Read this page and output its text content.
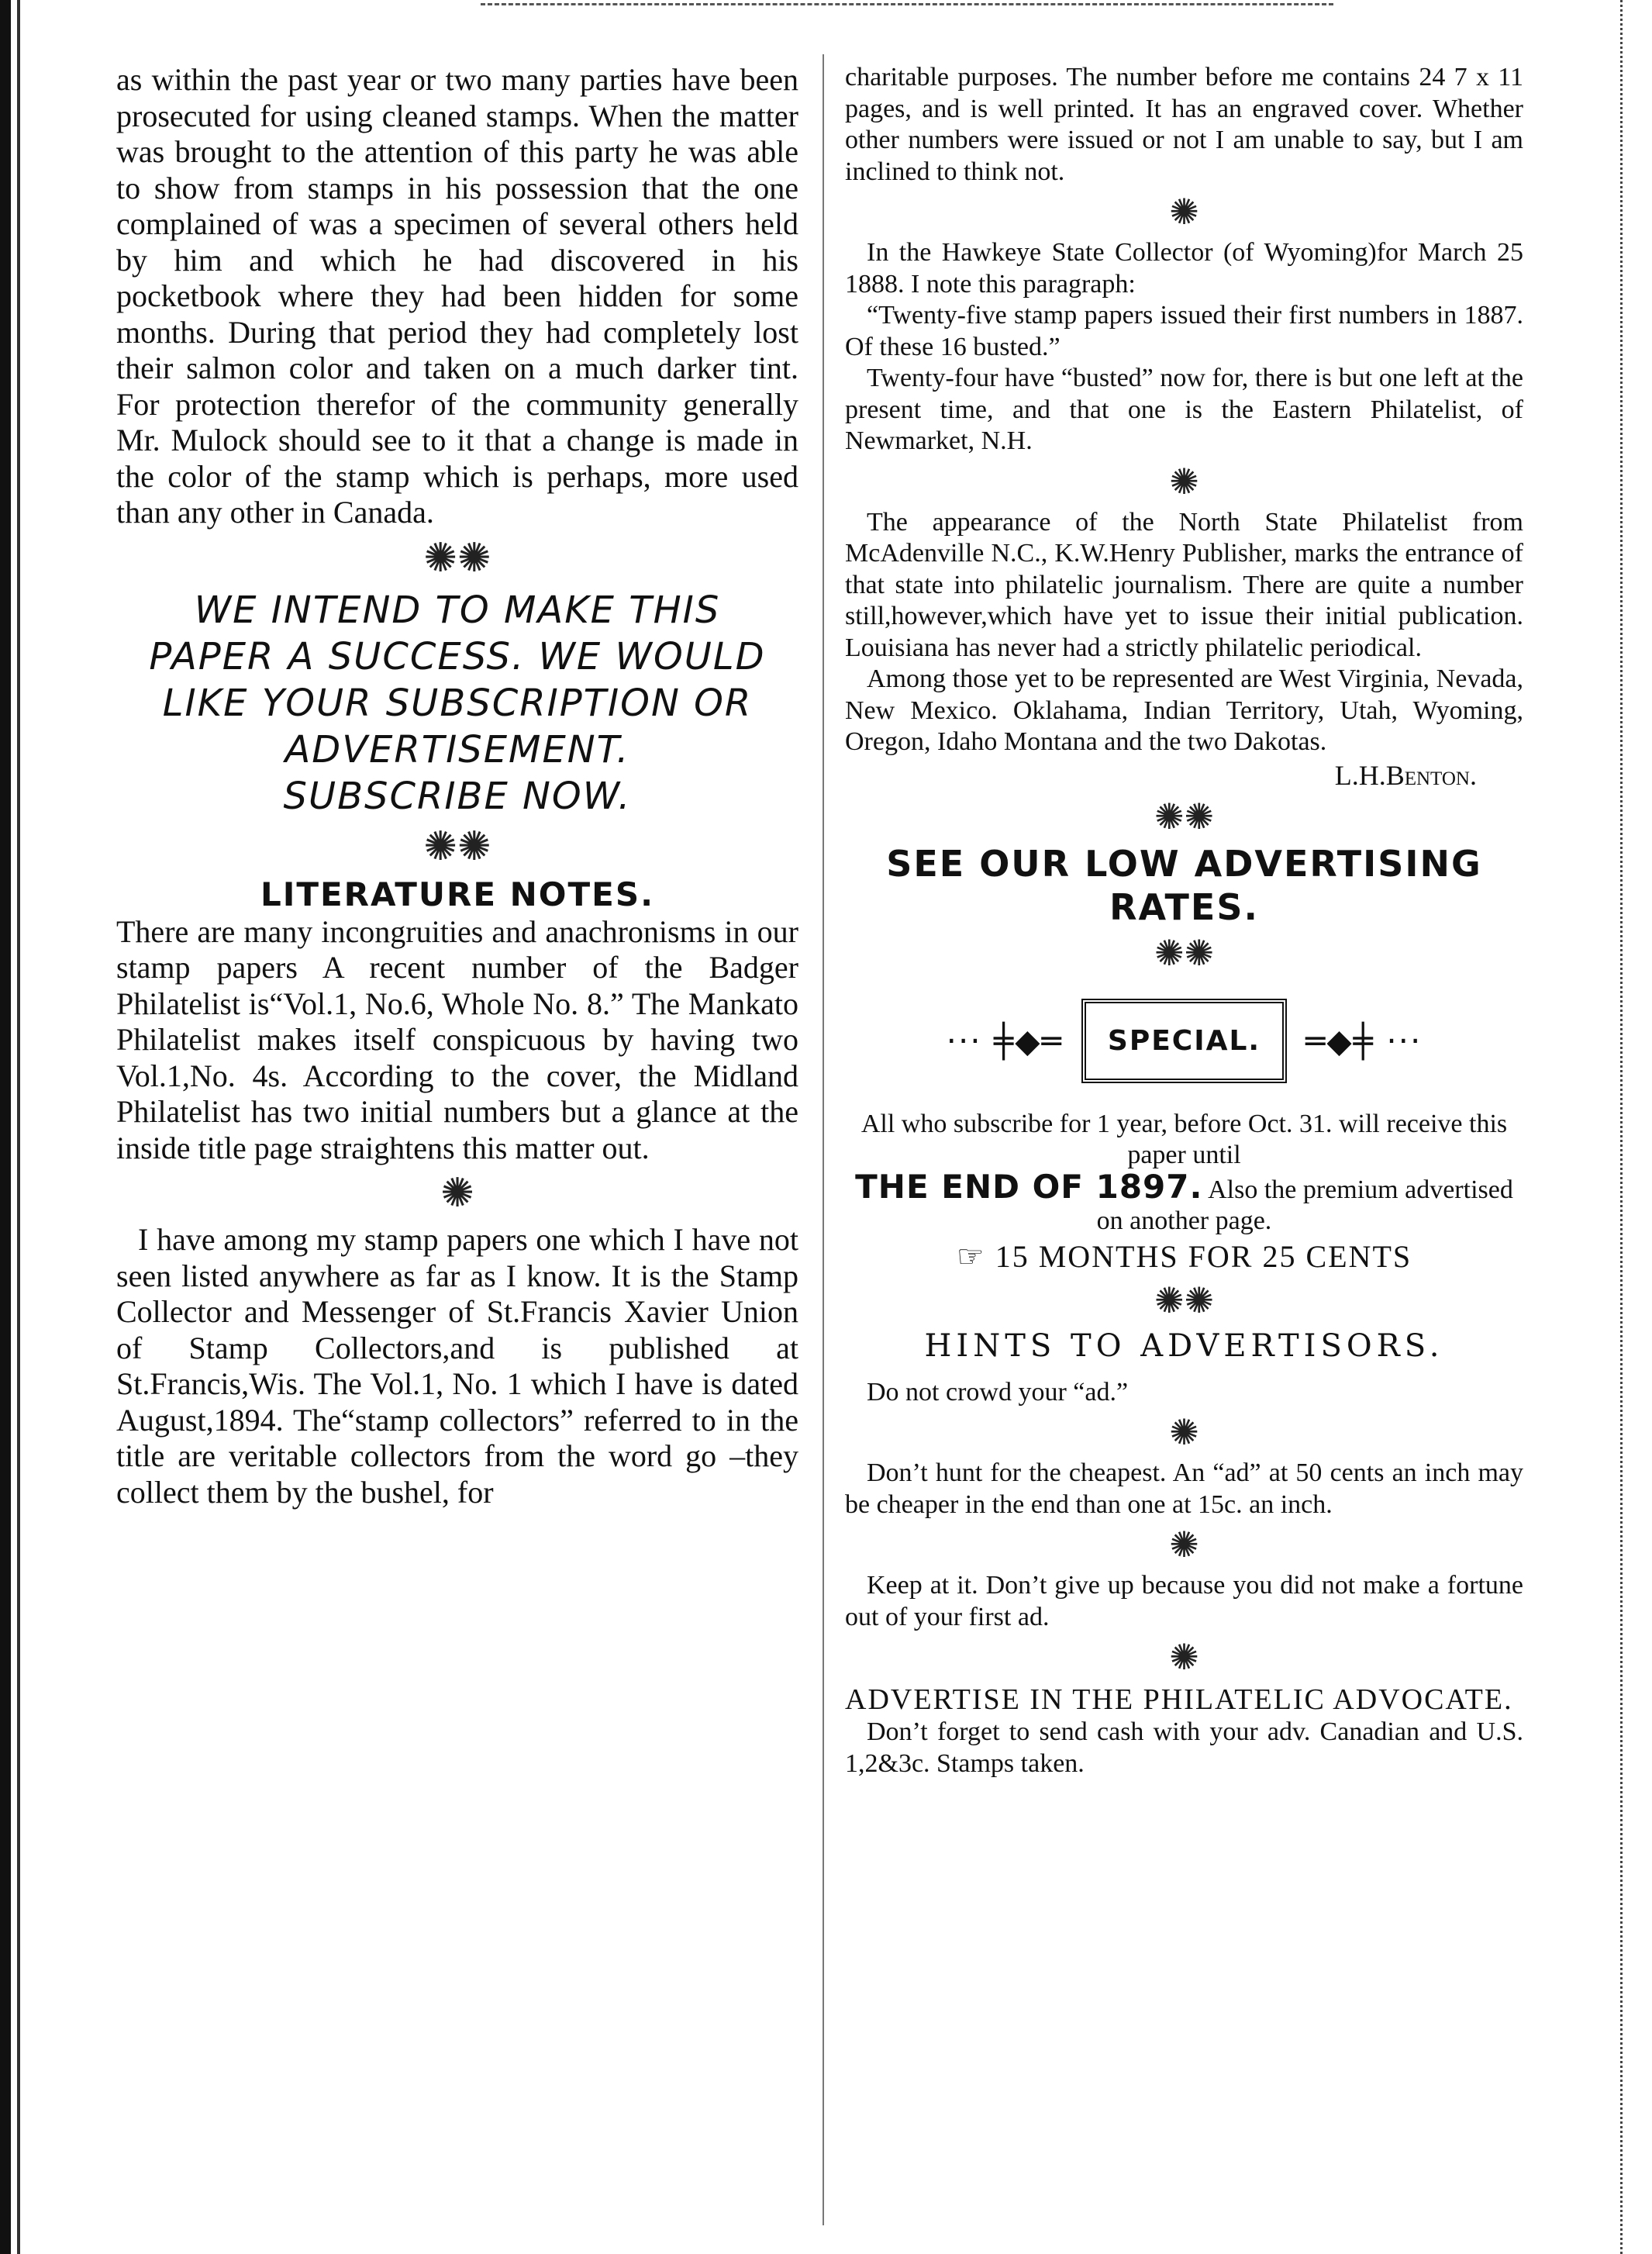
as within the past year or two many parties have been prosecuted for using cleaned stamps. When the matter was brought to the attention of this party he was able to show from stamps in his possession that the one complained of was a specimen of several others held by him and which he had discovered in his pocketbook where they had been hidden for some months. During that period they had completely lost their salmon color and taken on a much darker tint. For protection therefor of the community generally Mr. Mulock should see to it that a change is made in the color of the stamp which is perhaps, more used than any other in Canada.

✺✺

WE INTEND TO MAKE THIS

PAPER A SUCCESS. WE WOULD

LIKE YOUR SUBSCRIPTION OR

ADVERTISEMENT.

SUBSCRIBE NOW.

✺✺

LITERATURE NOTES.

There are many incongruities and anachronisms in our stamp papers A recent number of the Badger Philatelist is“Vol.1, No.6, Whole No. 8.” The Mankato Philatelist makes itself conspicuous by having two Vol.1,No. 4s. According to the cover, the Midland Philatelist has two initial numbers but a glance at the inside title page straightens this matter out.

✺

I have among my stamp papers one which I have not seen listed anywhere as far as I know. It is the Stamp Collector and Messenger of St.Francis Xavier Union of Stamp Collectors,and is published at St.Francis,Wis. The Vol.1, No. 1 which I have is dated August,1894. The“stamp collectors” referred to in the title are veritable collectors from the word go –they collect them by the bushel, for

charitable purposes. The number before me contains 24 7 x 11 pages, and is well printed. It has an engraved cover. Whether other numbers were issued or not I am unable to say, but I am inclined to think not.

✺

In the Hawkeye State Collector (of Wyoming)for March 25 1888. I note this paragraph:

“Twenty-five stamp papers issued their first numbers in 1887. Of these 16 busted.”

Twenty-four have “busted” now for, there is but one left at the present time, and that one is the Eastern Philatelist, of Newmarket, N.H.

✺

The appearance of the North State Philatelist from McAdenville N.C., K.W.Henry Publisher, marks the entrance of that state into philatelic journalism. There are quite a number still,however,which have yet to issue their initial publication. Louisiana has never had a strictly philatelic periodical.

Among those yet to be represented are West Virginia, Nevada, New Mexico. Oklahama, Indian Territory, Utah, Wyoming, Oregon, Idaho Montana and the two Dakotas.

L.H.Benton.

✺✺

SEE OUR LOW ADVERTISING RATES.

✺✺
··· ╪◆═	SPECIAL.	═◆╪ ···

All who subscribe for 1 year, before Oct. 31. will receive this paper until

THE END OF 1897. Also the premium advertised on another page.

☞ 15 MONTHS FOR 25 CENTS

✺✺

HINTS TO ADVERTISORS.

Do not crowd your “ad.”

✺

Don’t hunt for the cheapest. An “ad” at 50 cents an inch may be cheaper in the end than one at 15c. an inch.

✺

Keep at it. Don’t give up because you did not make a fortune out of your first ad.

✺

ADVERTISE IN THE PHILATELIC ADVOCATE.

Don’t forget to send cash with your adv. Canadian and U.S. 1,2&3c. Stamps taken.
